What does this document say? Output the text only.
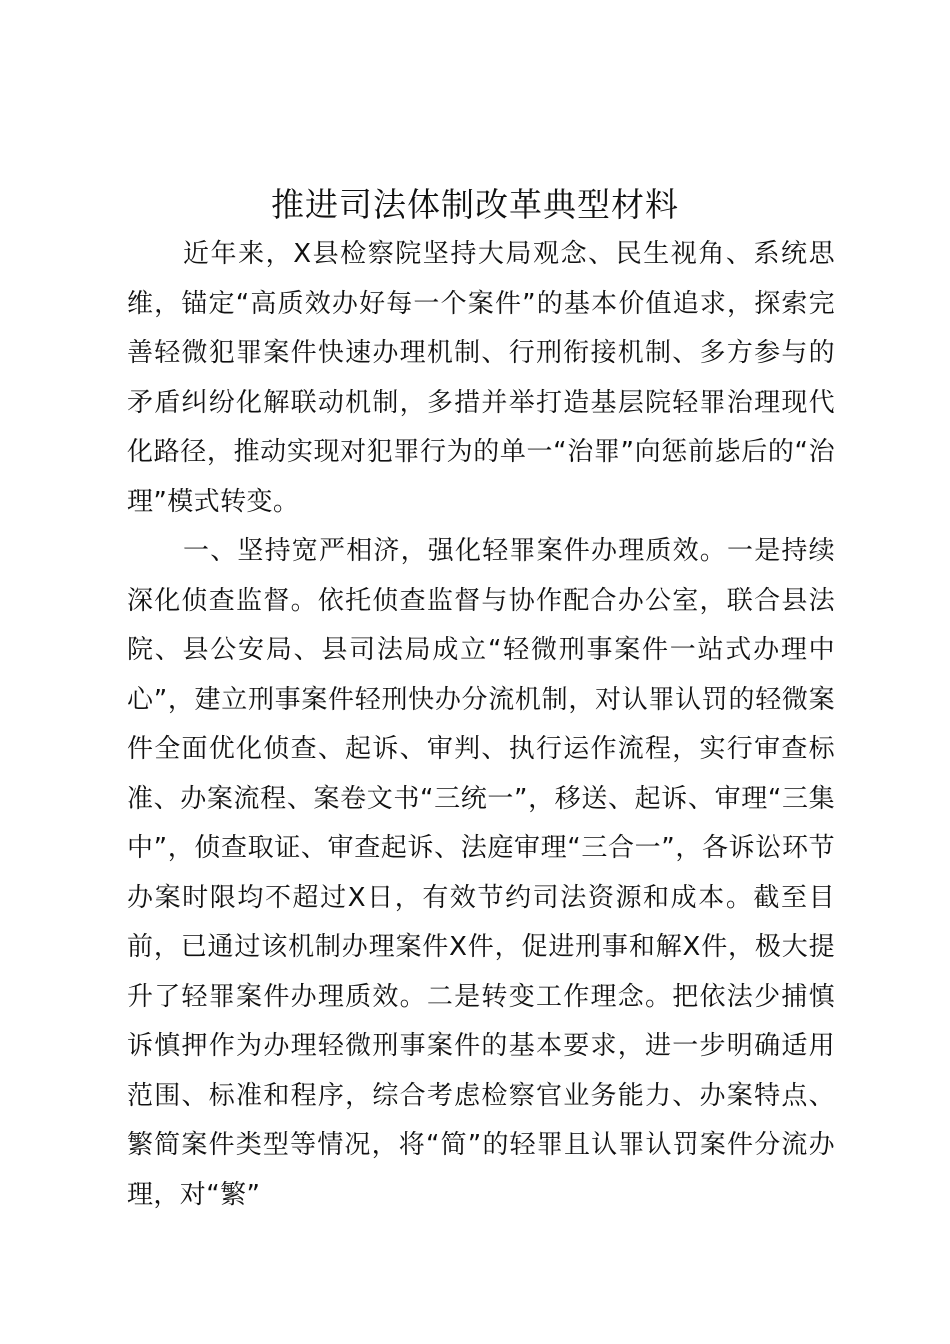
推进司法体制改革典型材料

近年来，X县检察院坚持大局观念、民生视角、系统思维，锚定“高质效办好每一个案件”的基本价值追求，探索完善轻微犯罪案件快速办理机制、行刑衔接机制、多方参与的矛盾纠纷化解联动机制，多措并举打造基层院轻罪治理现代化路径，推动实现对犯罪行为的单一“治罪”向惩前毖后的“治理”模式转变。

一、坚持宽严相济，强化轻罪案件办理质效。一是持续深化侦查监督。依托侦查监督与协作配合办公室，联合县法院、县公安局、县司法局成立“轻微刑事案件一站式办理中心”，建立刑事案件轻刑快办分流机制，对认罪认罚的轻微案件全面优化侦查、起诉、审判、执行运作流程，实行审查标准、办案流程、案卷文书“三统一”，移送、起诉、审理“三集中”，侦查取证、审查起诉、法庭审理“三合一”，各诉讼环节办案时限均不超过X日，有效节约司法资源和成本。截至目前，已通过该机制办理案件X件，促进刑事和解X件，极大提升了轻罪案件办理质效。二是转变工作理念。把依法少捕慎诉慎押作为办理轻微刑事案件的基本要求，进一步明确适用范围、标准和程序，综合考虑检察官业务能力、办案特点、繁简案件类型等情况，将“简”的轻罪且认罪认罚案件分流办理，对“繁”
